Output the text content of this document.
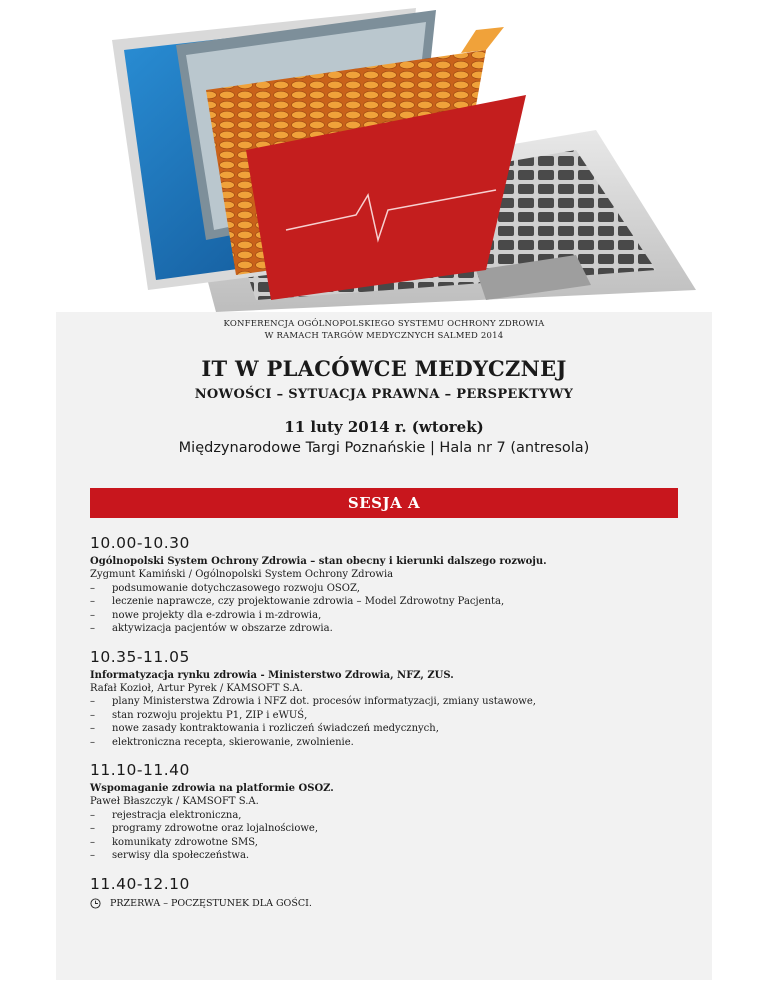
KONFERENCJA OGÓLNOPOLSKIEGO SYSTEMU OCHRONY ZDROWIA
W RAMACH TARGÓW MEDYCZNYCH SALMED 2014
IT W PLACÓWCE MEDYCZNEJ
NOWOŚCI – SYTUACJA PRAWNA – PERSPEKTYWY
11 luty 2014 r. (wtorek)
Międzynarodowe Targi Poznańskie | Hala nr 7 (antresola)
SESJA A
10.00-10.30
Ogólnopolski System Ochrony Zdrowia – stan obecny i kierunki dalszego rozwoju.
Zygmunt Kamiński / Ogólnopolski System Ochrony Zdrowia
– podsumowanie dotychczasowego rozwoju OSOZ,
– leczenie naprawcze, czy projektowanie zdrowia – Model Zdrowotny Pacjenta,
– nowe projekty dla e-zdrowia i m-zdrowia,
– aktywizacja pacjentów w obszarze zdrowia.
10.35-11.05
Informatyzacja rynku zdrowia - Ministerstwo Zdrowia, NFZ, ZUS.
Rafał Kozioł, Artur Pyrek / KAMSOFT S.A.
– plany Ministerstwa Zdrowia i NFZ dot. procesów informatyzacji, zmiany ustawowe,
– stan rozwoju projektu P1, ZIP i eWUŚ,
– nowe zasady kontraktowania i rozliczeń świadczeń medycznych,
– elektroniczna recepta, skierowanie, zwolnienie.
11.10-11.40
Wspomaganie zdrowia na platformie OSOZ.
Paweł Błaszczyk / KAMSOFT S.A.
– rejestracja elektroniczna,
– programy zdrowotne oraz lojalnościowe,
– komunikaty zdrowotne SMS,
– serwisy dla społeczeństwa.
11.40-12.10
PRZERWA – POCZĘSTUNEK DLA GOŚCI.
